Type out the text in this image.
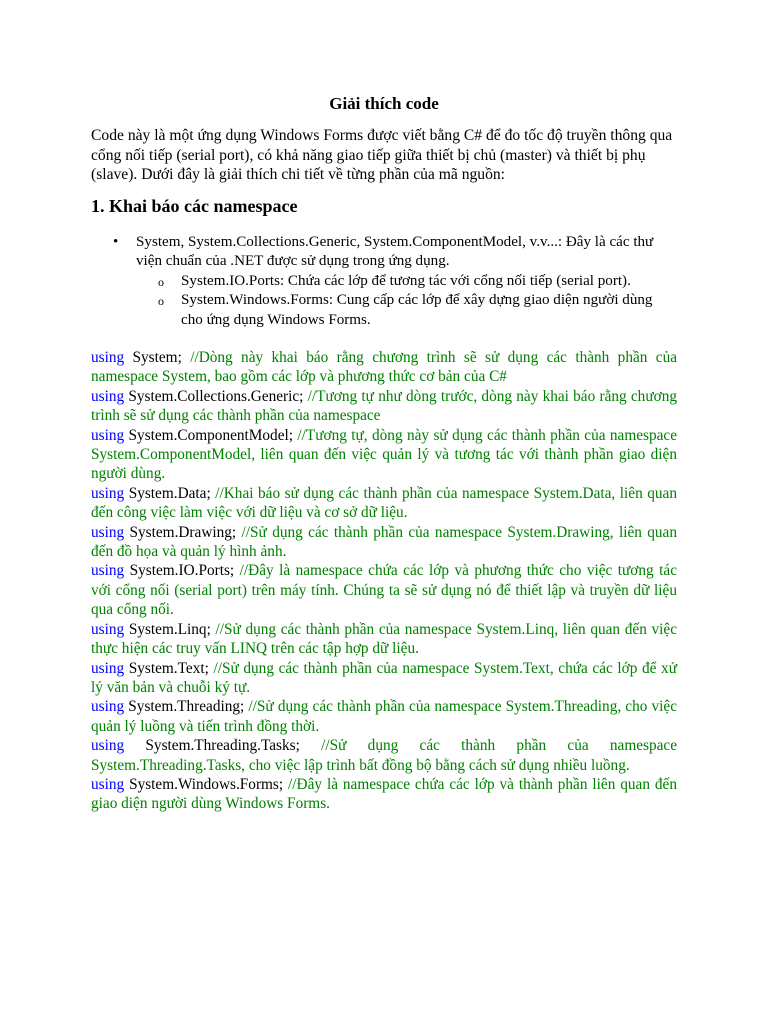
Giải thích code

Code này là một ứng dụng Windows Forms được viết bằng C# để đo tốc độ truyền thông qua cổng nối tiếp (serial port), có khả năng giao tiếp giữa thiết bị chủ (master) và thiết bị phụ (slave). Dưới đây là giải thích chi tiết về từng phần của mã nguồn:

1. Khai báo các namespace
• System, System.Collections.Generic, System.ComponentModel, v.v...: Đây là các thư viện chuẩn của .NET được sử dụng trong ứng dụng.
o System.IO.Ports: Chứa các lớp để tương tác với cổng nối tiếp (serial port).
o System.Windows.Forms: Cung cấp các lớp để xây dựng giao diện người dùng cho ứng dụng Windows Forms.

using System; //Dòng này khai báo rằng chương trình sẽ sử dụng các thành phần của namespace System, bao gồm các lớp và phương thức cơ bản của C#

using System.Collections.Generic; //Tương tự như dòng trước, dòng này khai báo rằng chương trình sẽ sử dụng các thành phần của namespace

using System.ComponentModel; //Tương tự, dòng này sử dụng các thành phần của namespace System.ComponentModel, liên quan đến việc quản lý và tương tác với thành phần giao diện người dùng.

using System.Data; //Khai báo sử dụng các thành phần của namespace System.Data, liên quan đến công việc làm việc với dữ liệu và cơ sở dữ liệu.

using System.Drawing; //Sử dụng các thành phần của namespace System.Drawing, liên quan đến đồ họa và quản lý hình ảnh.

using System.IO.Ports; //Đây là namespace chứa các lớp và phương thức cho việc tương tác với cổng nối (serial port) trên máy tính. Chúng ta sẽ sử dụng nó để thiết lập và truyền dữ liệu qua cổng nối.

using System.Linq; //Sử dụng các thành phần của namespace System.Linq, liên quan đến việc thực hiện các truy vấn LINQ trên các tập hợp dữ liệu.

using System.Text; //Sử dụng các thành phần của namespace System.Text, chứa các lớp để xử lý văn bản và chuỗi ký tự.

using System.Threading; //Sử dụng các thành phần của namespace System.Threading, cho việc quản lý luồng và tiến trình đồng thời.

using System.Threading.Tasks; //Sử dụng các thành phần của namespace System.Threading.Tasks, cho việc lập trình bất đồng bộ bằng cách sử dụng nhiều luồng.

using System.Windows.Forms; //Đây là namespace chứa các lớp và thành phần liên quan đến giao diện người dùng Windows Forms.
